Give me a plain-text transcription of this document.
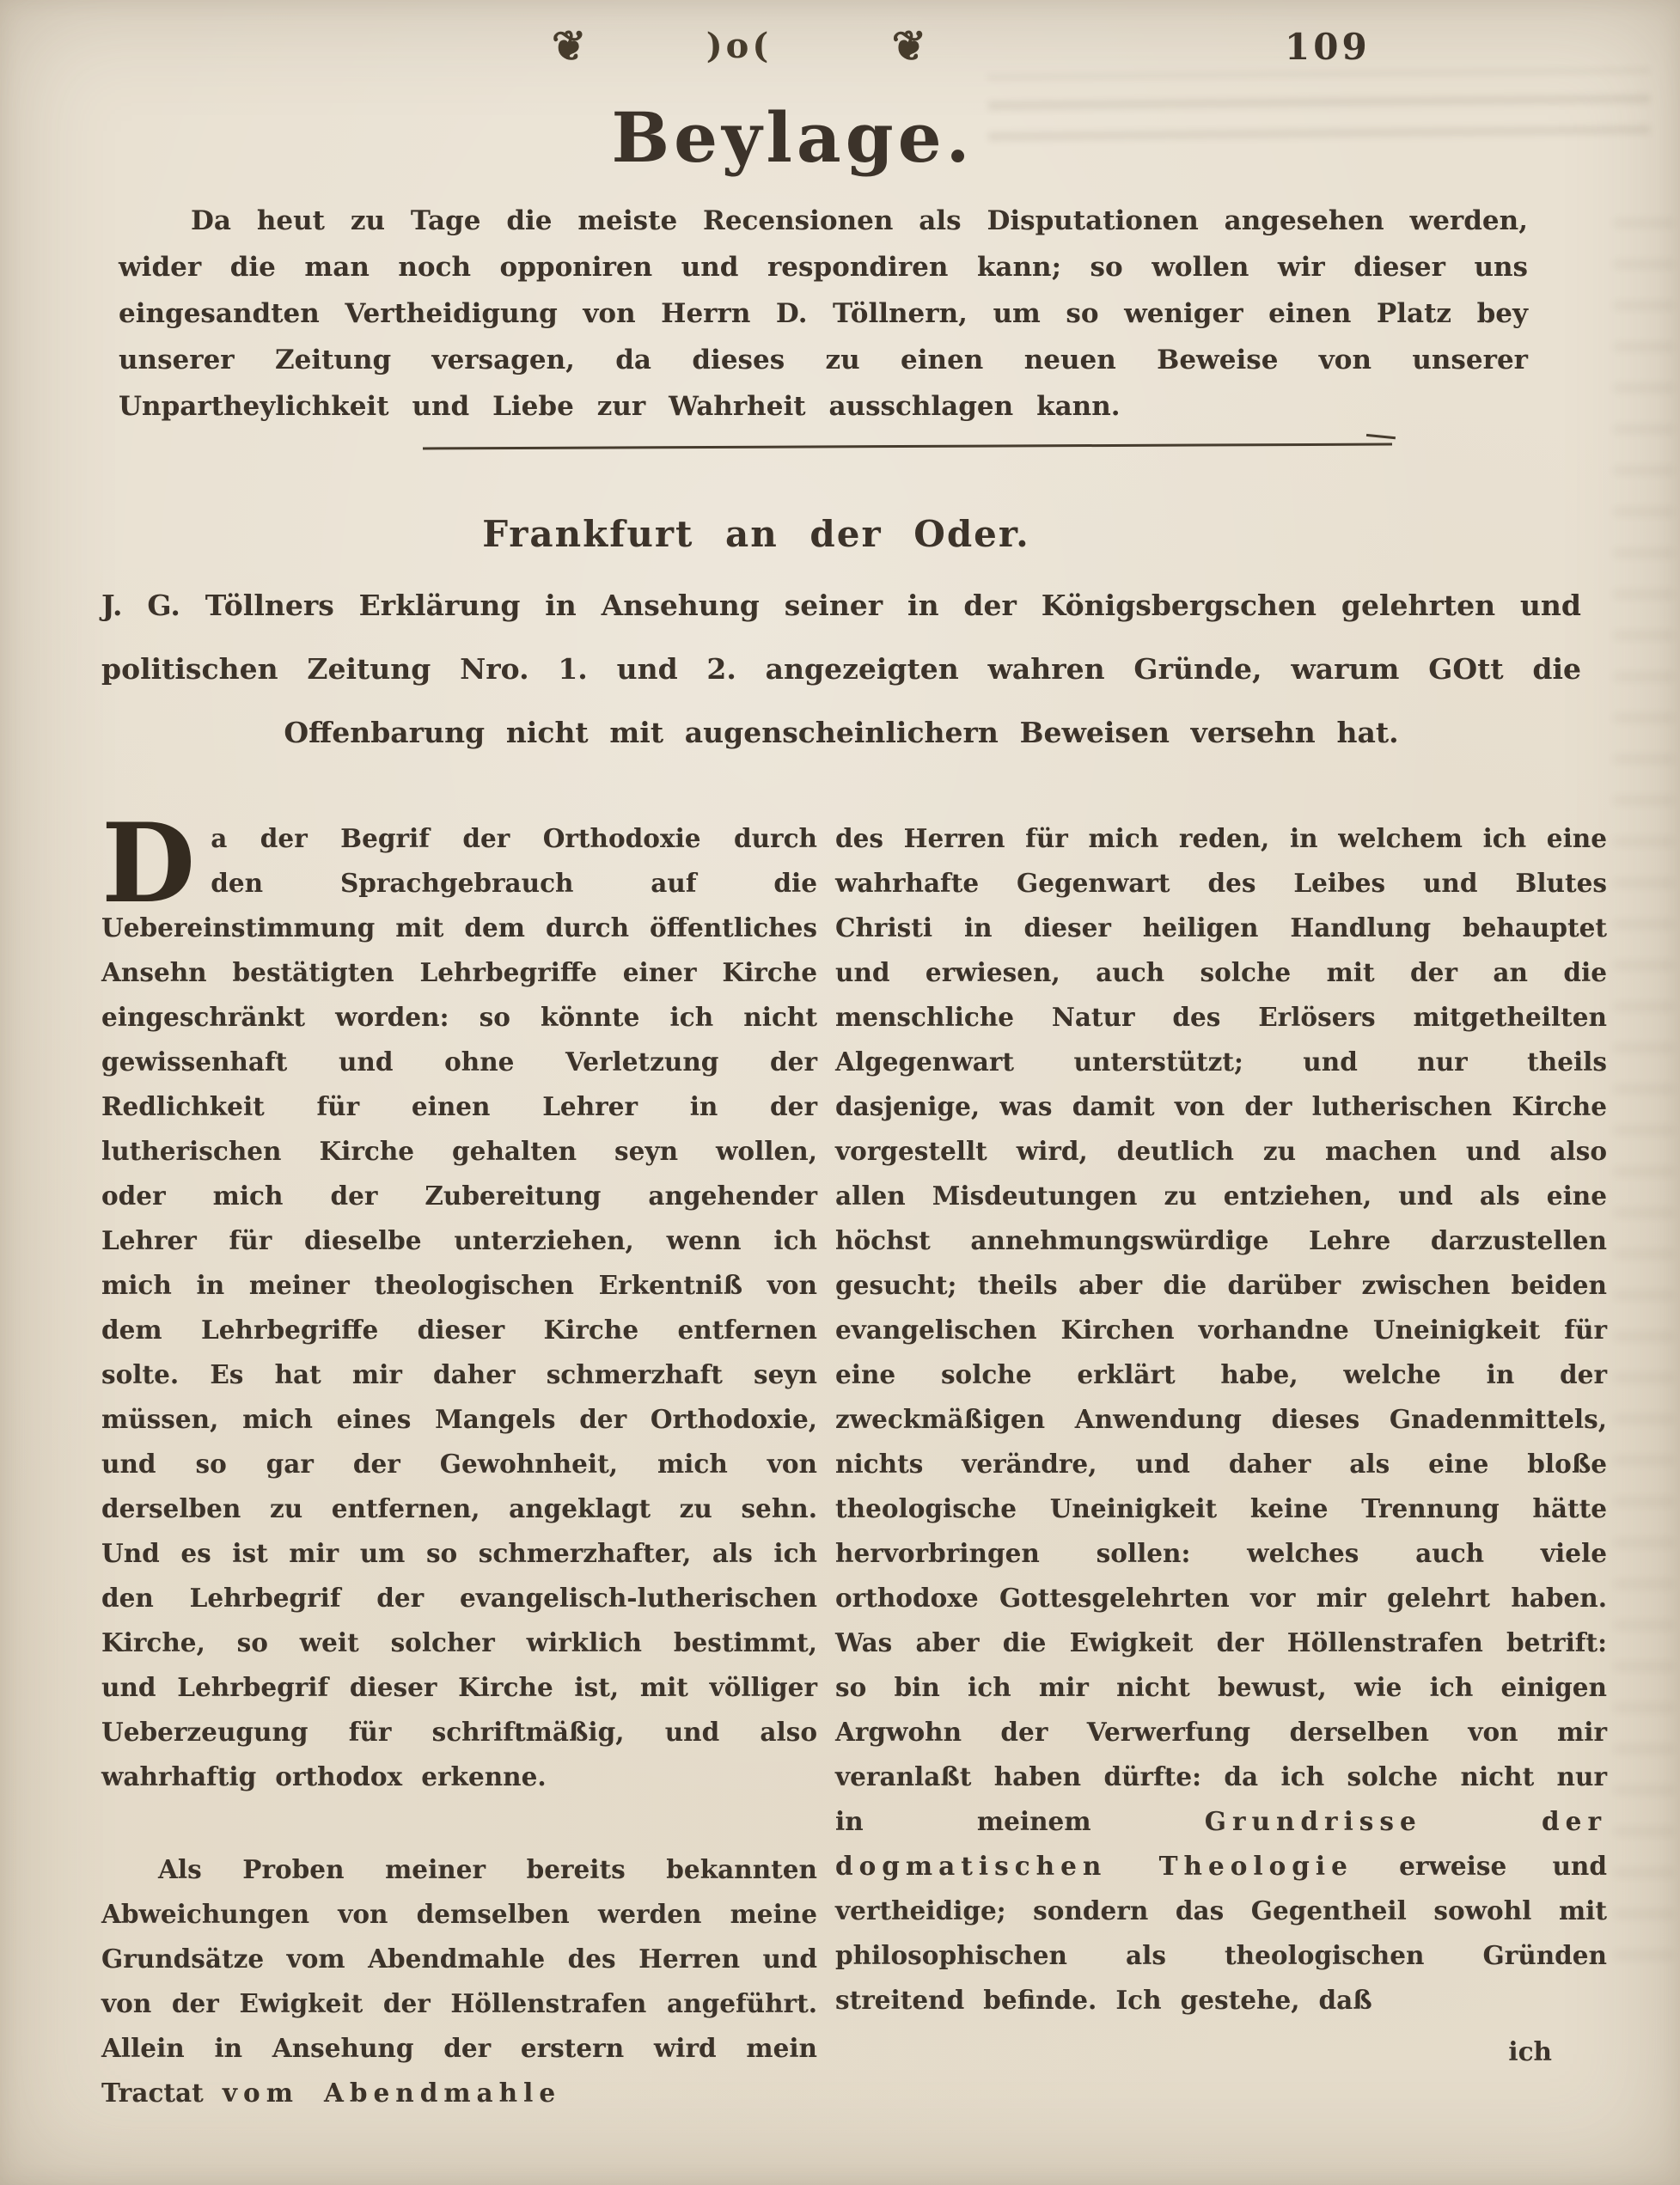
❦	)o(	❦	109
Beylage.

Da heut zu Tage die meiste Recensionen als Disputationen angesehen werden, wider die man noch opponiren und respondiren kann; so wollen wir dieser uns eingesandten Vertheidigung von Herrn D. Töllnern, um so weniger einen Platz bey unserer Zeitung versagen, da dieses zu einen neuen Beweise von unserer Unpartheylichkeit und Liebe zur Wahrheit ausschlagen kann.

Frankfurt an der Oder.

J. G. Töllners Erklärung in Ansehung seiner in der Königsbergschen gelehrten und politischen Zeitung Nro. 1. und 2. angezeigten wahren Gründe, warum GOtt die Offenbarung nicht mit augenscheinlichern Beweisen versehn hat.

Da der Begrif der Orthodoxie durch den Sprachgebrauch auf die Uebereinstimmung mit dem durch öffentliches Ansehn bestätigten Lehrbegriffe einer Kirche eingeschränkt worden: so könnte ich nicht gewissenhaft und ohne Verletzung der Redlichkeit für einen Lehrer in der lutherischen Kirche gehalten seyn wollen, oder mich der Zubereitung angehender Lehrer für dieselbe unterziehen, wenn ich mich in meiner theologischen Erkentniß von dem Lehrbegriffe dieser Kirche entfernen solte. Es hat mir daher schmerzhaft seyn müssen, mich eines Mangels der Orthodoxie, und so gar der Gewohnheit, mich von derselben zu entfernen, angeklagt zu sehn. Und es ist mir um so schmerzhafter, als ich den Lehrbegrif der evangelisch-lutherischen Kirche, so weit solcher wirklich bestimmt, und Lehrbegrif dieser Kirche ist, mit völliger Ueberzeugung für schriftmäßig, und also wahrhaftig orthodox erkenne.

Als Proben meiner bereits bekannten Abweichungen von demselben werden meine Grundsätze vom Abendmahle des Herren und von der Ewigkeit der Höllenstrafen angeführt. Allein in Ansehung der erstern wird mein Tractat vom Abendmahle

des Herren für mich reden, in welchem ich eine wahrhafte Gegenwart des Leibes und Blutes Christi in dieser heiligen Handlung behauptet und erwiesen, auch solche mit der an die menschliche Natur des Erlösers mitgetheilten Algegenwart unterstützt; und nur theils dasjenige, was damit von der lutherischen Kirche vorgestellt wird, deutlich zu machen und also allen Misdeutungen zu entziehen, und als eine höchst annehmungswürdige Lehre darzustellen gesucht; theils aber die darüber zwischen beiden evangelischen Kirchen vorhandne Uneinigkeit für eine solche erklärt habe, welche in der zweckmäßigen Anwendung dieses Gnadenmittels, nichts verändre, und daher als eine bloße theologische Uneinigkeit keine Trennung hätte hervorbringen sollen: welches auch viele orthodoxe Gottesgelehrten vor mir gelehrt haben. Was aber die Ewigkeit der Höllenstrafen betrift: so bin ich mir nicht bewust, wie ich einigen Argwohn der Verwerfung derselben von mir veranlaßt haben dürfte: da ich solche nicht nur in meinem Grundrisse der dogmatischen Theologie erweise und vertheidige; sondern das Gegentheil sowohl mit philosophischen als theologischen Gründen streitend befinde. Ich gestehe, daß

ich
